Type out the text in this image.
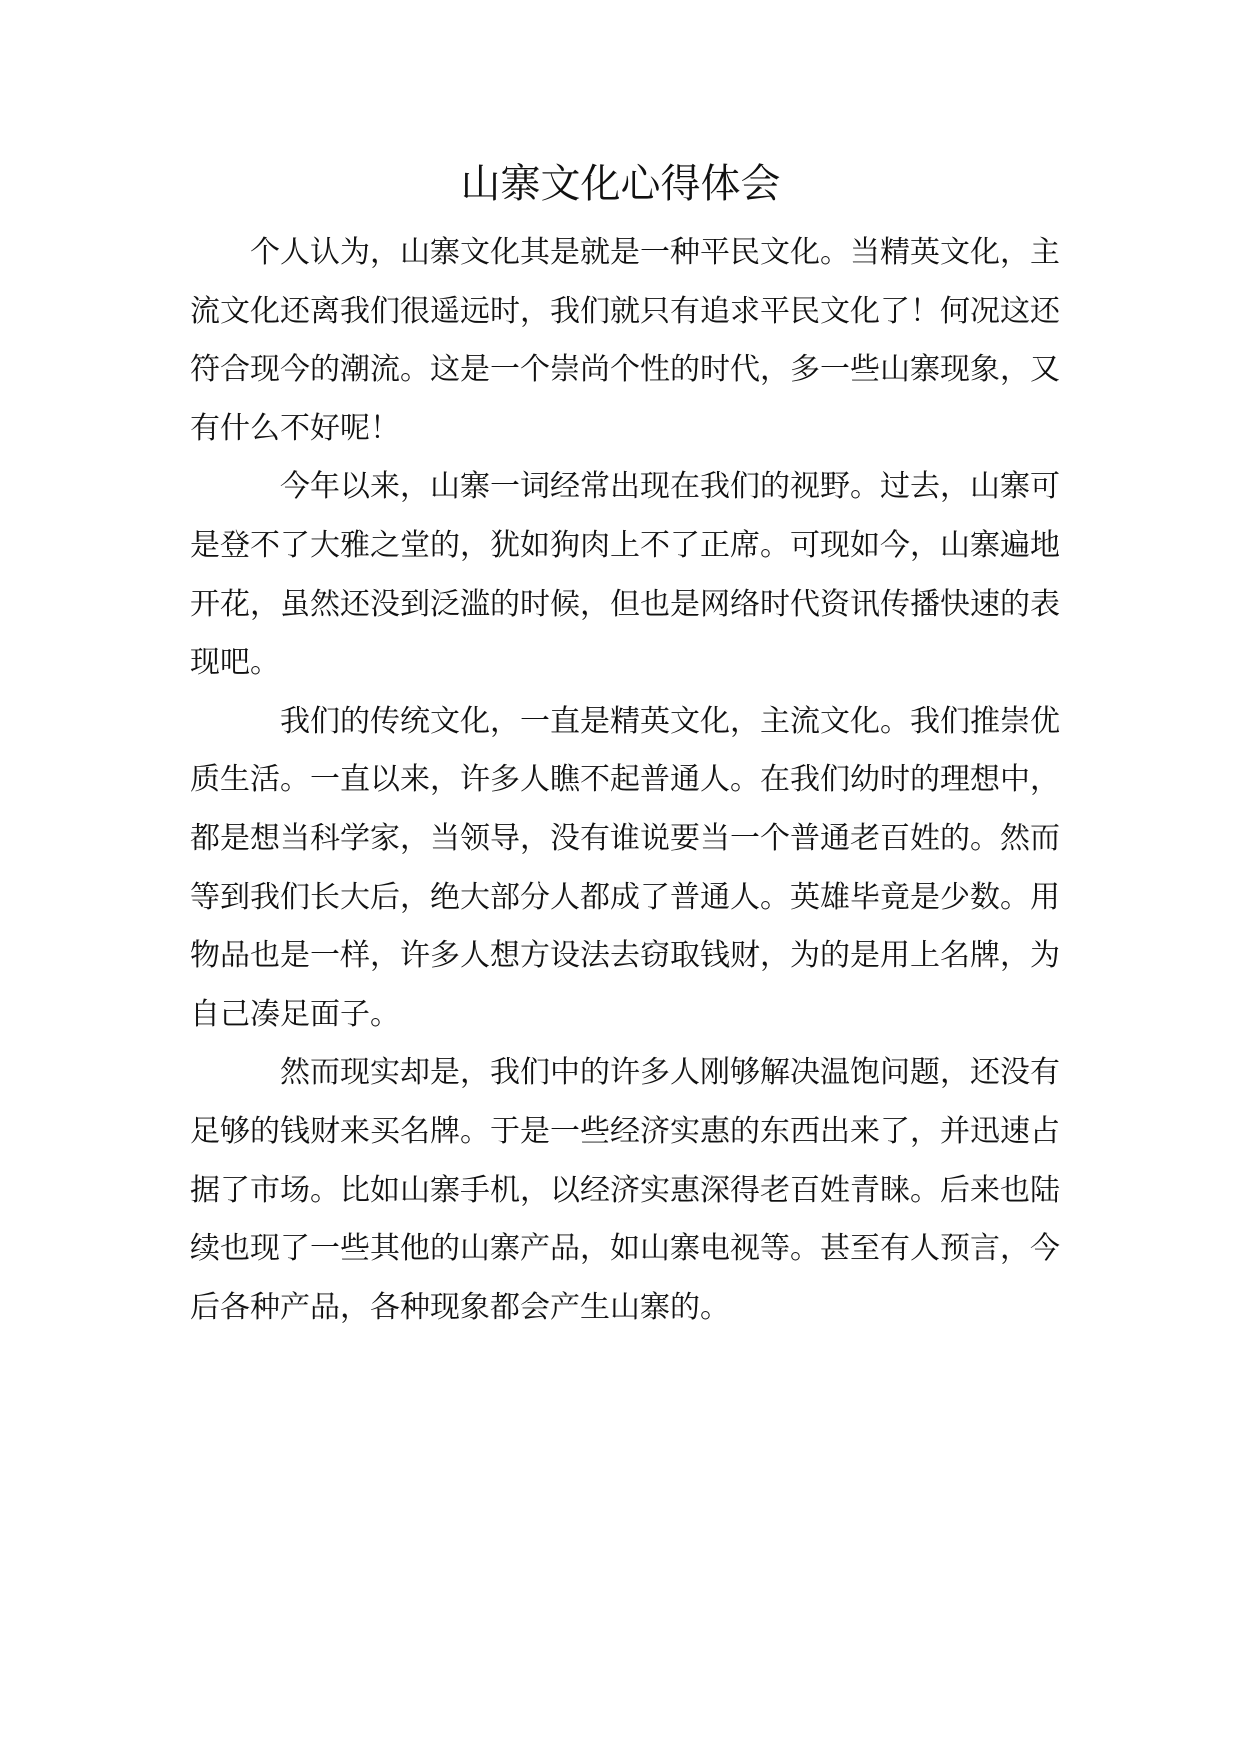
山寨文化心得体会

个人认为，山寨文化其是就是一种平民文化。当精英文化，主流文化还离我们很遥远时，我们就只有追求平民文化了！何况这还符合现今的潮流。这是一个崇尚个性的时代，多一些山寨现象，又有什么不好呢！

今年以来，山寨一词经常出现在我们的视野。过去，山寨可是登不了大雅之堂的，犹如狗肉上不了正席。可现如今，山寨遍地开花，虽然还没到泛滥的时候，但也是网络时代资讯传播快速的表现吧。

我们的传统文化，一直是精英文化，主流文化。我们推崇优质生活。一直以来，许多人瞧不起普通人。在我们幼时的理想中，都是想当科学家，当领导，没有谁说要当一个普通老百姓的。然而等到我们长大后，绝大部分人都成了普通人。英雄毕竟是少数。用物品也是一样，许多人想方设法去窃取钱财，为的是用上名牌，为自己凑足面子。

然而现实却是，我们中的许多人刚够解决温饱问题，还没有足够的钱财来买名牌。于是一些经济实惠的东西出来了，并迅速占据了市场。比如山寨手机，以经济实惠深得老百姓青睐。后来也陆续也现了一些其他的山寨产品，如山寨电视等。甚至有人预言，今后各种产品，各种现象都会产生山寨的。
